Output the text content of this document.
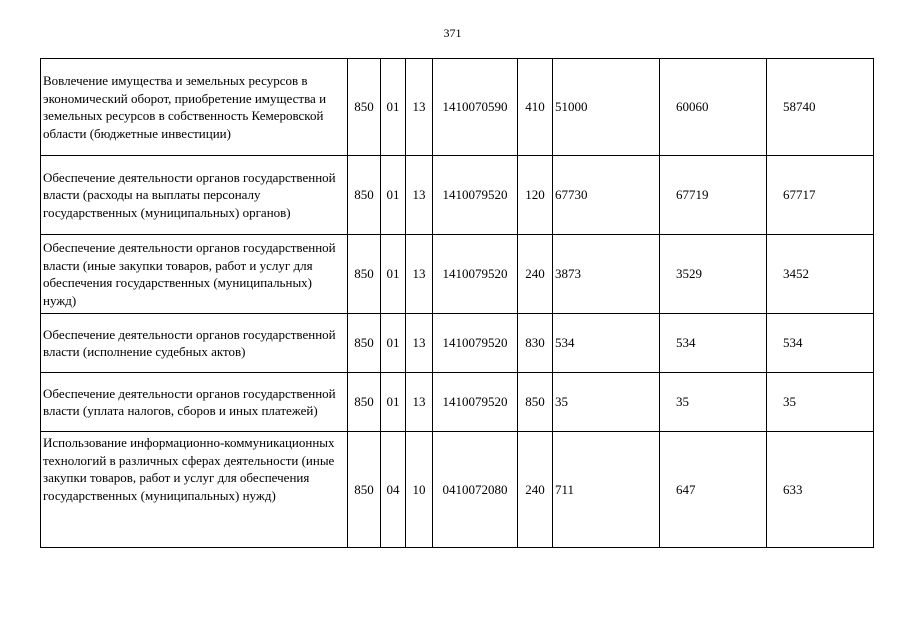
371
Вовлечение имущества и земельных ресурсов в экономический оборот, приобретение имущества и земельных ресурсов в собственность Кемеровской области (бюджетные инвестиции)	850	01	13	1410070590	410	51000	60060	58740
Обеспечение деятельности органов государственной власти (расходы на выплаты персоналу государственных (муниципальных) органов)	850	01	13	1410079520	120	67730	67719	67717
Обеспечение деятельности органов государственной власти (иные закупки товаров, работ и услуг для обеспечения государственных (муниципальных) нужд)	850	01	13	1410079520	240	3873	3529	3452
Обеспечение деятельности органов государственной власти (исполнение судебных актов)	850	01	13	1410079520	830	534	534	534
Обеспечение деятельности органов государственной власти (уплата налогов, сборов и иных платежей)	850	01	13	1410079520	850	35	35	35
Использование информационно-коммуникационных технологий в различных сферах деятельности (иные закупки товаров, работ и услуг для обеспечения государственных (муниципальных) нужд)	850	04	10	0410072080	240	711	647	633
